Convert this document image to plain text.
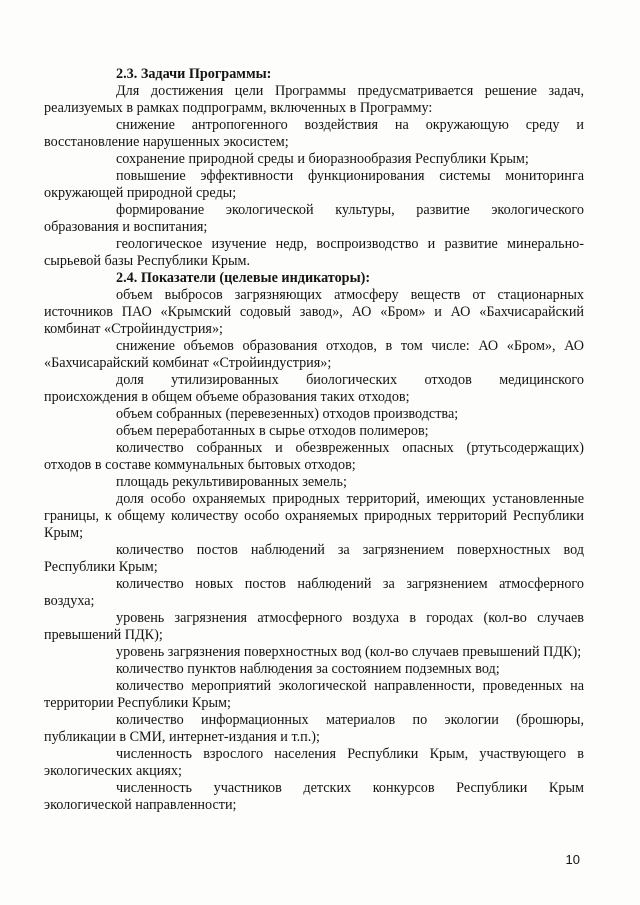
2.3. Задачи Программы:

Для достижения цели Программы предусматривается решение задач, реализуемых в рамках подпрограмм, включенных в Программу:

снижение антропогенного воздействия на окружающую среду и восстановление нарушенных экосистем;

сохранение природной среды и биоразнообразия Республики Крым;

повышение эффективности функционирования системы мониторинга окружающей природной среды;

формирование экологической культуры, развитие экологического образования и воспитания;

геологическое изучение недр, воспроизводство и развитие минерально-сырьевой базы Республики Крым.

2.4. Показатели (целевые индикаторы):

объем выбросов загрязняющих атмосферу веществ от стационарных источников ПАО «Крымский содовый завод», АО «Бром» и АО «Бахчисарайский комбинат «Стройиндустрия»;

снижение объемов образования отходов, в том числе: АО «Бром», АО «Бахчисарайский комбинат «Стройиндустрия»;

доля утилизированных биологических отходов медицинского происхождения в общем объеме образования таких отходов;

объем собранных (перевезенных) отходов производства;

объем переработанных в сырье отходов полимеров;

количество собранных и обезвреженных опасных (ртутьсодержащих) отходов в составе коммунальных бытовых отходов;

площадь рекультивированных земель;

доля особо охраняемых природных территорий, имеющих установленные границы, к общему количеству особо охраняемых природных территорий Республики Крым;

количество постов наблюдений за загрязнением поверхностных вод Республики Крым;

количество новых постов наблюдений за загрязнением атмосферного воздуха;

уровень загрязнения атмосферного воздуха в городах (кол-во случаев превышений ПДК);

уровень загрязнения поверхностных вод (кол-во случаев превышений ПДК);

количество пунктов наблюдения за состоянием подземных вод;

количество мероприятий экологической направленности, проведенных на территории Республики Крым;

количество информационных материалов по экологии (брошюры, публикации в СМИ, интернет-издания и т.п.);

численность взрослого населения Республики Крым, участвующего в экологических акциях;

численность участников детских конкурсов Республики Крым экологической направленности;

10
